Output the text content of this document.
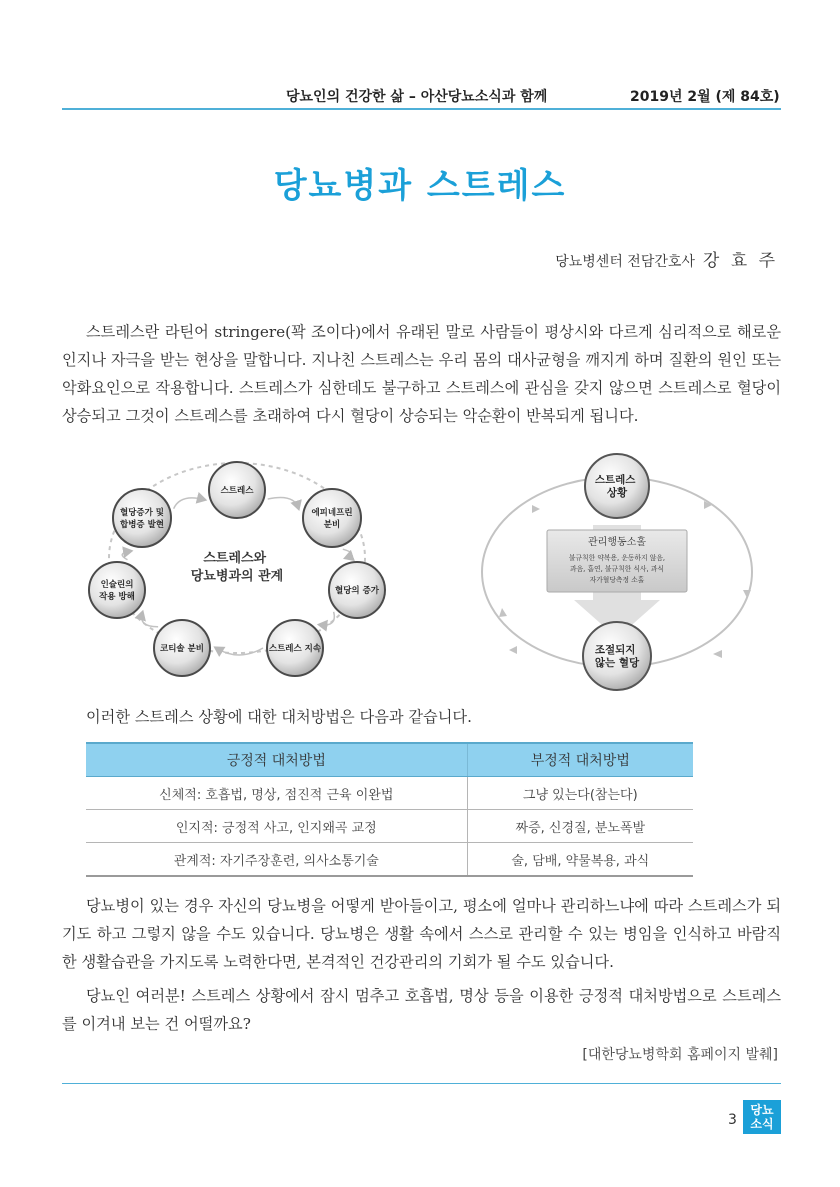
당뇨인의 건강한 삶 – 아산당뇨소식과 함께	2019년 2월 (제 84호)
당뇨병과 스트레스
당뇨병센터 전담간호사 강 효 주

스트레스란 라틴어 stringere(꽉 조이다)에서 유래된 말로 사람들이 평상시와 다르게 심리적으로 해로운 인지나 자극을 받는 현상을 말합니다. 지나친 스트레스는 우리 몸의 대사균형을 깨지게 하며 질환의 원인 또는 악화요인으로 작용합니다. 스트레스가 심한데도 불구하고 스트레스에 관심을 갖지 않으면 스트레스로 혈당이 상승되고 그것이 스트레스를 초래하여 다시 혈당이 상승되는 악순환이 반복되게 됩니다.

스트레스와 당뇨병과의 관계
스트레스
에피네프린 분비
혈당의 증가
스트레스 지속
코티솔 분비
인슐린의 작용 방해
혈당증가 및 합병증 발현
스트레스 상황
관리행동소홀
불규칙한 약복용, 운동하지 않음,
과음, 흡연, 불규칙한 식사, 과식
자가혈당측정 소홀
조절되지 않는 혈당
이러한 스트레스 상황에 대한 대처방법은 다음과 같습니다.
긍정적 대처방법	부정적 대처방법
신체적: 호흡법, 명상, 점진적 근육 이완법	그냥 있는다(참는다)
인지적: 긍정적 사고, 인지왜곡 교정	짜증, 신경질, 분노폭발
관계적: 자기주장훈련, 의사소통기술	술, 담배, 약물복용, 과식

당뇨병이 있는 경우 자신의 당뇨병을 어떻게 받아들이고, 평소에 얼마나 관리하느냐에 따라 스트레스가 되기도 하고 그렇지 않을 수도 있습니다. 당뇨병은 생활 속에서 스스로 관리할 수 있는 병임을 인식하고 바람직한 생활습관을 가지도록 노력한다면, 본격적인 건강관리의 기회가 될 수도 있습니다.

당뇨인 여러분! 스트레스 상황에서 잠시 멈추고 호흡법, 명상 등을 이용한 긍정적 대처방법으로 스트레스를 이겨내 보는 건 어떨까요?

[대한당뇨병학회 홈페이지 발췌]
3
당뇨
소식
